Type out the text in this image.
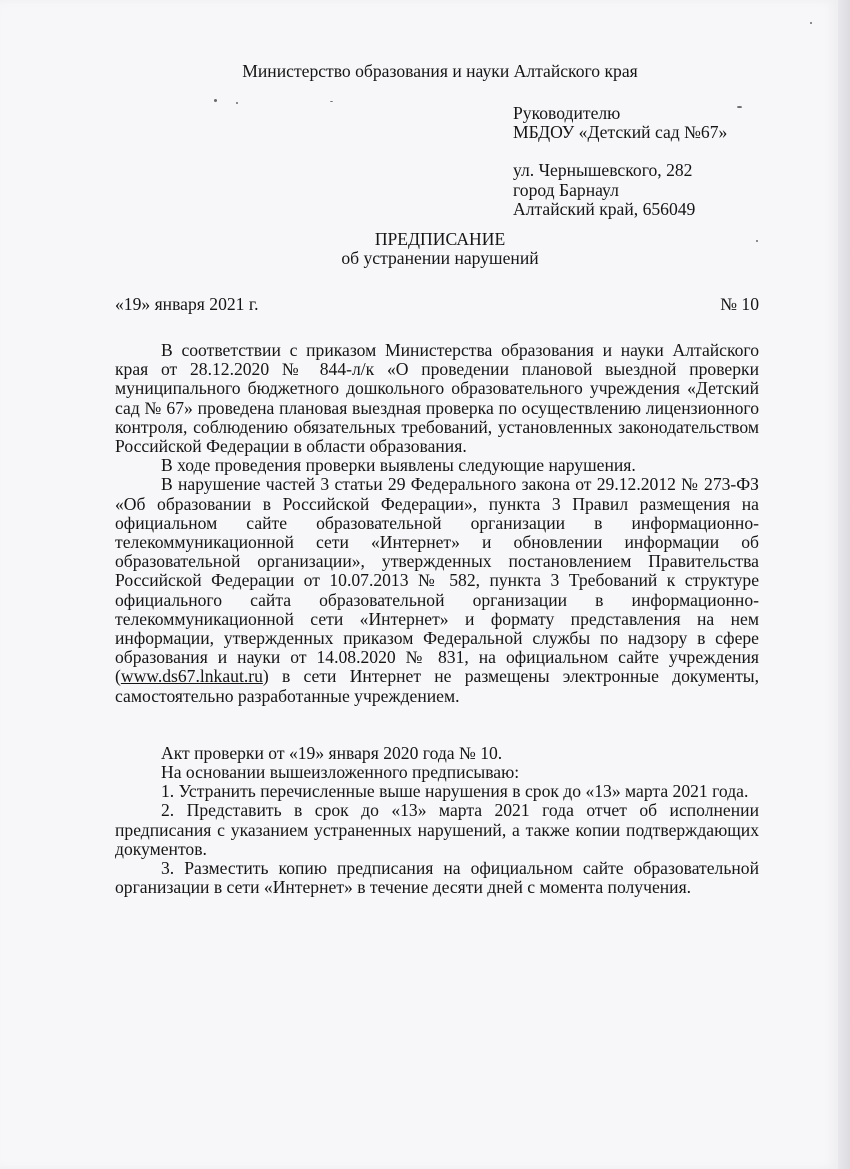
Министерство образования и науки Алтайского края
Руководителю
МБДОУ «Детский сад №67»
ул. Чернышевского, 282
город Барнаул
Алтайский край, 656049
ПРЕДПИСАНИЕ
об устранении нарушений
«19» января 2021 г.	№ 10

В соответствии с приказом Министерства образования и науки Алтайского края от 28.12.2020 № 844-л/к «О проведении плановой выездной проверки муниципального бюджетного дошкольного образовательного учреждения «Детский сад № 67» проведена плановая выездная проверка по осуществлению лицензионного контроля, соблюдению обязательных требований, установленных законодательством Российской Федерации в области образования.

В ходе проведения проверки выявлены следующие нарушения.

В нарушение частей 3 статьи 29 Федерального закона от 29.12.2012 № 273-ФЗ «Об образовании в Российской Федерации», пункта 3 Правил размещения на официальном сайте образовательной организации в информационно-телекоммуникационной сети «Интернет» и обновлении информации об образовательной организации», утвержденных постановлением Правительства Российской Федерации от 10.07.2013 № 582, пункта 3 Требований к структуре официального сайта образовательной организации в информационно-телекоммуникационной сети «Интернет» и формату представления на нем информации, утвержденных приказом Федеральной службы по надзору в сфере образования и науки от 14.08.2020 № 831, на официальном сайте учреждения (www.ds67.lnkaut.ru) в сети Интернет не размещены электронные документы, самостоятельно разработанные учреждением.

Акт проверки от «19» января 2020 года № 10.

На основании вышеизложенного предписываю:

1. Устранить перечисленные выше нарушения в срок до «13» марта 2021 года.

2. Представить в срок до «13» марта 2021 года отчет об исполнении предписания с указанием устраненных нарушений, а также копии подтверждающих документов.

3. Разместить копию предписания на официальном сайте образовательной организации в сети «Интернет» в течение десяти дней с момента получения.
